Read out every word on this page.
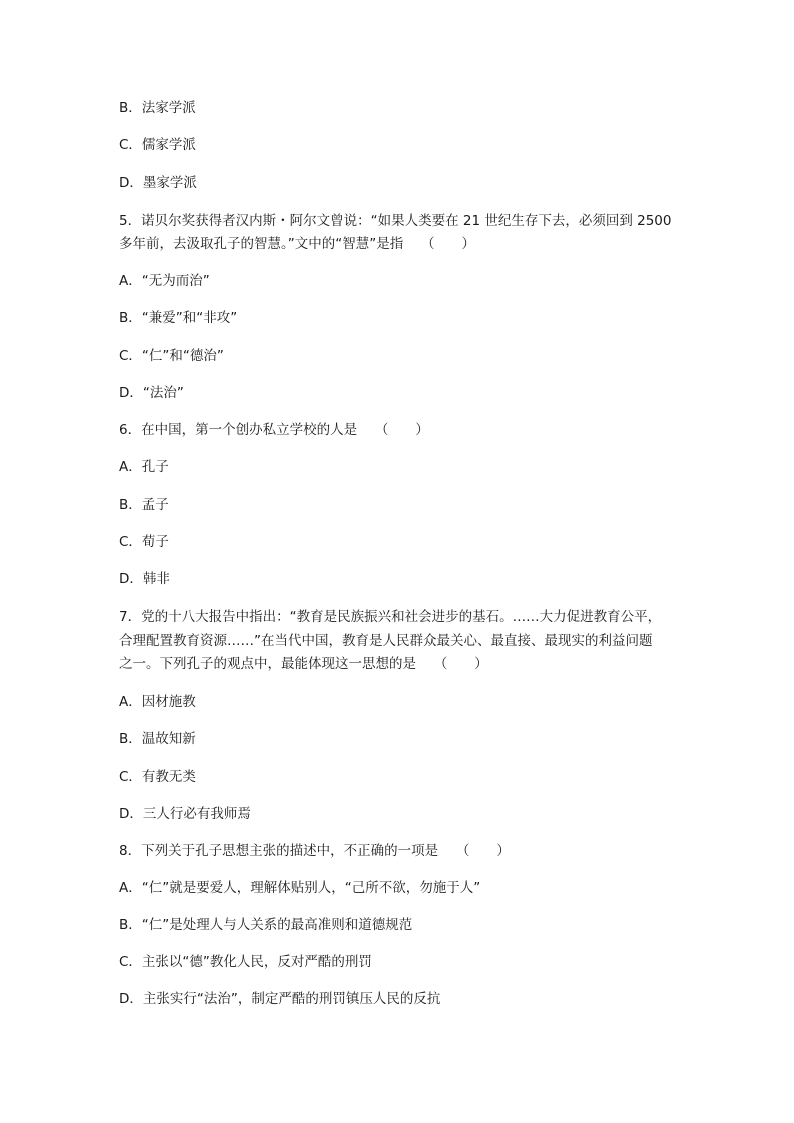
B．法家学派
C．儒家学派
D．墨家学派
5．诺贝尔奖获得者汉内斯・阿尔文曾说：“如果人类要在 21 世纪生存下去，必须回到 2500
多年前，去汲取孔子的智慧。”文中的“智慧”是指　 （　　）
A．“无为而治”
B．“兼爱”和“非攻”
C．“仁”和“德治”
D．“法治”
6．在中国，第一个创办私立学校的人是　 （　　）
A．孔子
B．孟子
C．荀子
D．韩非
7．党的十八大报告中指出：“教育是民族振兴和社会进步的基石。……大力促进教育公平，
合理配置教育资源……”在当代中国，教育是人民群众最关心、最直接、最现实的利益问题
之一。下列孔子的观点中，最能体现这一思想的是　 （　　）
A．因材施教
B．温故知新
C．有教无类
D．三人行必有我师焉
8．下列关于孔子思想主张的描述中，不正确的一项是　 （　　）
A．“仁”就是要爱人，理解体贴别人，“己所不欲，勿施于人”
B．“仁”是处理人与人关系的最高准则和道德规范
C．主张以“德”教化人民，反对严酷的刑罚
D．主张实行“法治”，制定严酷的刑罚镇压人民的反抗
